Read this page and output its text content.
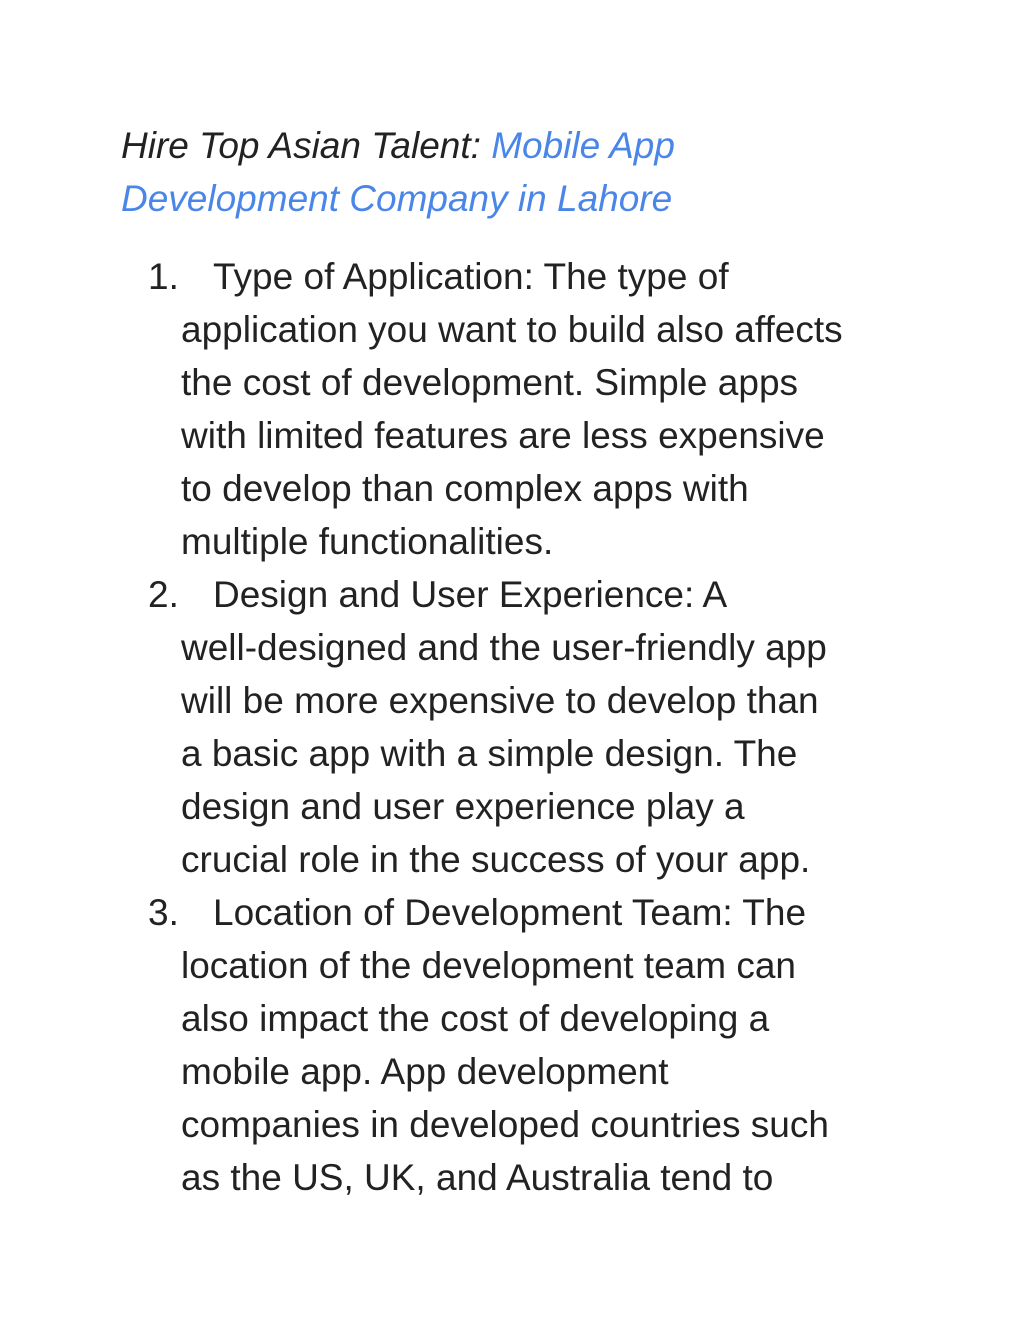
Hire Top Asian Talent: Mobile App
Development Company in Lahore
1. Type of Application: The type of
application you want to build also affects
the cost of development. Simple apps
with limited features are less expensive
to develop than complex apps with
multiple functionalities.
2. Design and User Experience: A
well-designed and the user-friendly app
will be more expensive to develop than
a basic app with a simple design. The
design and user experience play a
crucial role in the success of your app.
3. Location of Development Team: The
location of the development team can
also impact the cost of developing a
mobile app. App development
companies in developed countries such
as the US, UK, and Australia tend to
